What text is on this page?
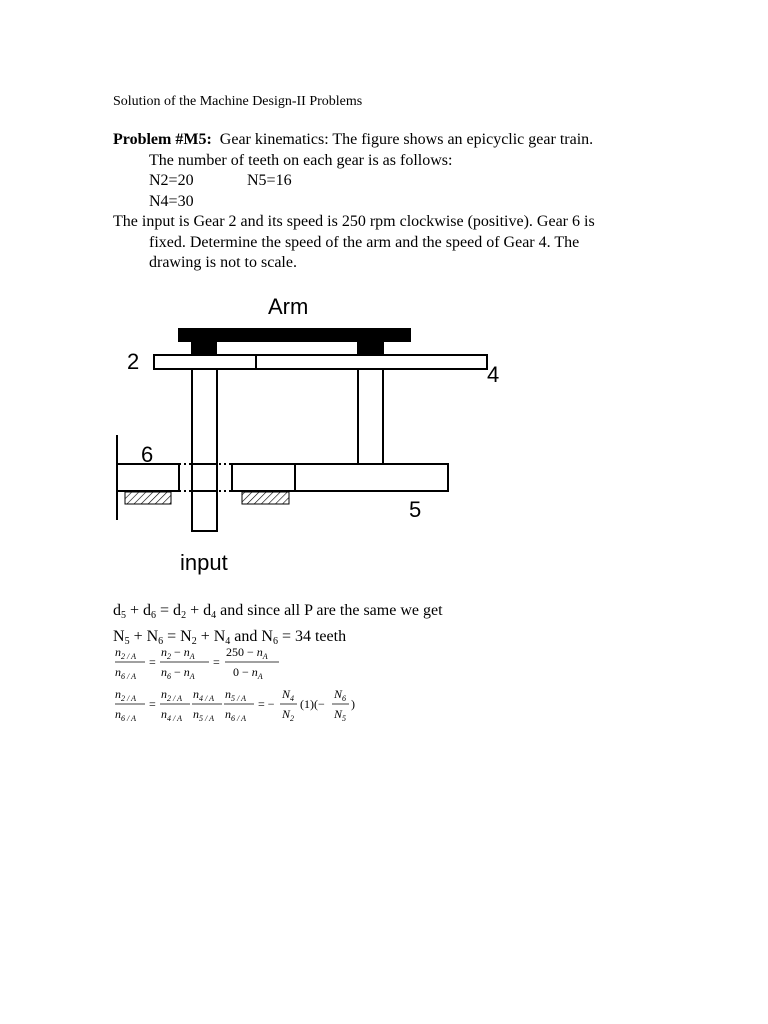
Solution of the Machine Design-II Problems

Problem #M5: Gear kinematics: The figure shows an epicyclic gear train.

The number of teeth on each gear is as follows:

N2=20	N5=16

N4=30

The input is Gear 2 and its speed is 250 rpm clockwise (positive). Gear 6 is

fixed. Determine the speed of the arm and the speed of Gear 4. The

drawing is not to scale.

Arm
2
4
6
5
input

$d_5 + d_6 = d_2 + d_4$ and since all P are the same we get

$N_5 + N_6 = N_2 + N_4$ and $N_6 = 34$ teeth

$n_{2 / A}$
$n_{6 / A}$
=
$n_2 - n_A$
$n_6 - n_A$
=
$250 - n_A$
$0 - n_A$
$n_{2 / A}$
$n_{6 / A}$
=
$n_{2 / A}$
$n_{4 / A}$
$n_{4 / A}$
$n_{5 / A}$
$n_{5 / A}$
$n_{6 / A}$
= −
$N_4$
$N_2$
(1)(−
$N_6$
$N_5$
)
